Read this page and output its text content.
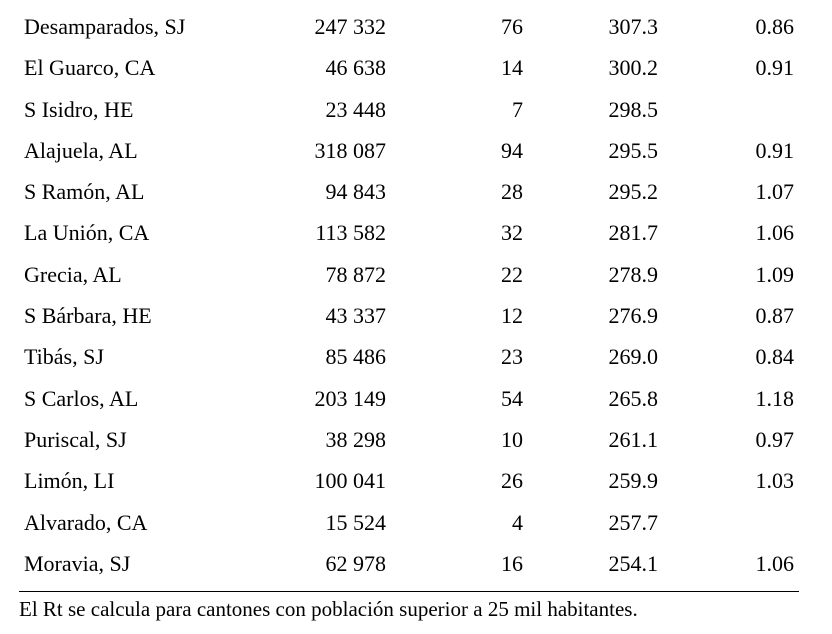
Desamparados, SJ	247 332	76	307.3	0.86
El Guarco, CA	46 638	14	300.2	0.91
S Isidro, HE	23 448	7	298.5
Alajuela, AL	318 087	94	295.5	0.91
S Ramón, AL	94 843	28	295.2	1.07
La Unión, CA	113 582	32	281.7	1.06
Grecia, AL	78 872	22	278.9	1.09
S Bárbara, HE	43 337	12	276.9	0.87
Tibás, SJ	85 486	23	269.0	0.84
S Carlos, AL	203 149	54	265.8	1.18
Puriscal, SJ	38 298	10	261.1	0.97
Limón, LI	100 041	26	259.9	1.03
Alvarado, CA	15 524	4	257.7
Moravia, SJ	62 978	16	254.1	1.06
El Rt se calcula para cantones con población superior a 25 mil habitantes.
